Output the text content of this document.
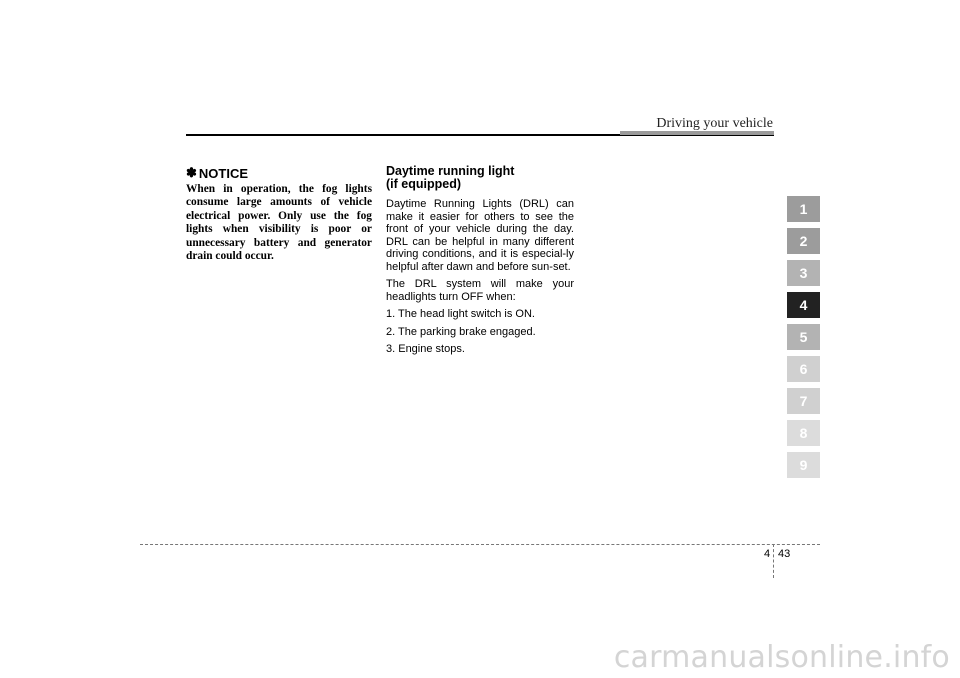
Driving your vehicle
✽ NOTICE

When in operation, the fog lights consume large amounts of vehicle electrical power. Only use the fog lights when visibility is poor or unnecessary battery and generator drain could occur.

Daytime running light
(if equipped)

Daytime Running Lights (DRL) can make it easier for others to see the front of your vehicle during the day. DRL can be helpful in many different driving conditions, and it is especial-ly helpful after dawn and before sun-set.

The DRL system will make your headlights turn OFF when:

1. The head light switch is ON.
2. The parking brake engaged.
3. Engine stops.
1
2
3
4
5
6
7
8
9
4 43
carmanualsonline.info
